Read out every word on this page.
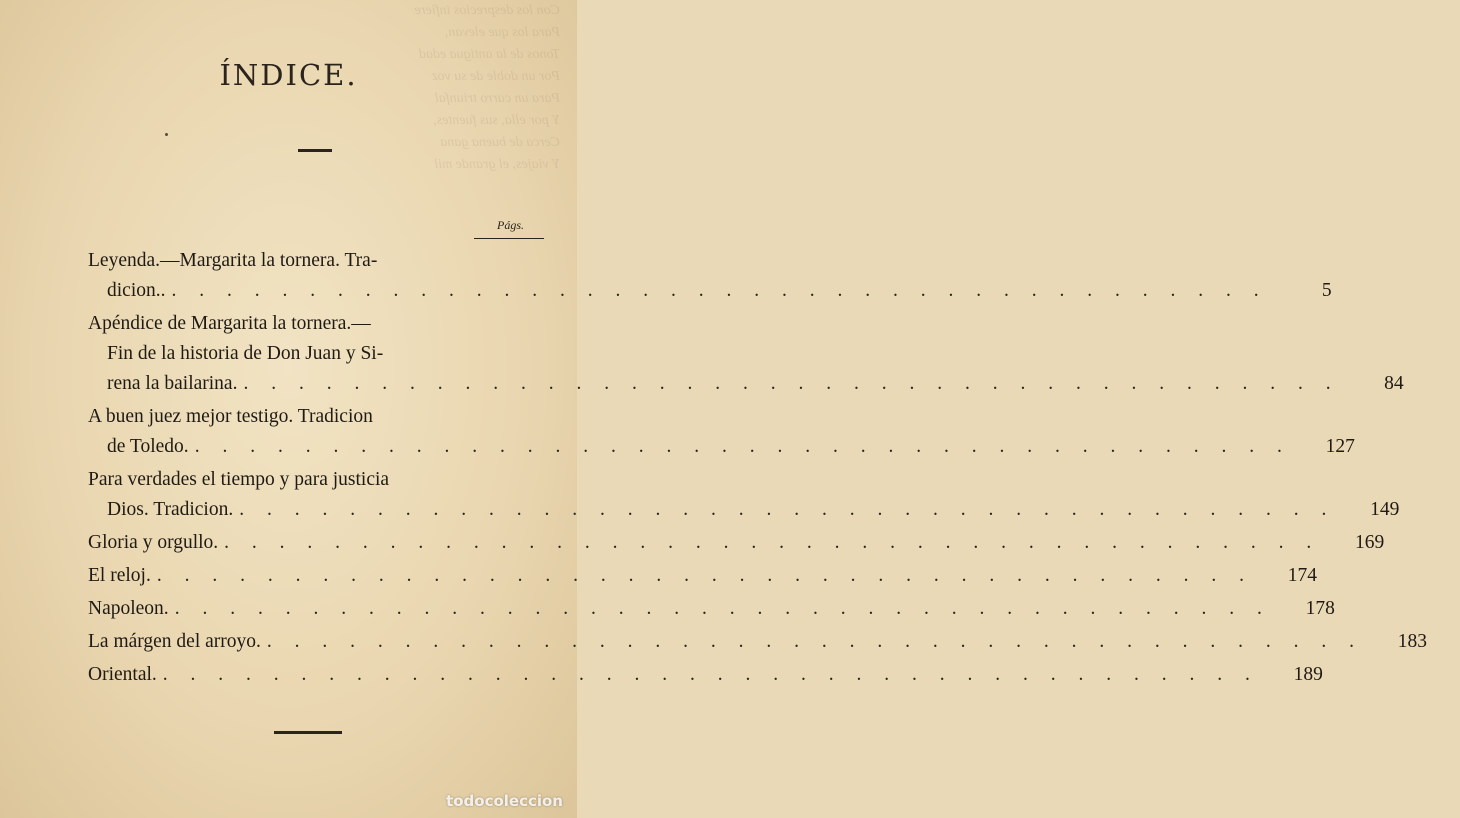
Con los desprecios infiere
Para los que elevan,
Tonos de la antigua edad
Por un doble de su voz
Para un carro triunfal
Y por ella, sus fuentes,
Cerca de buena gana
Y viajes, el grande mil
ÍNDICE.
Págs.
Leyenda.—Margarita la tornera. Tra-
dicion.. . . . . . . . . . . . . . . . . . . . . . . . . . . . . . . . . . . . . . . . .	5
Apéndice de Margarita la tornera.—
Fin de la historia de Don Juan y Si-
rena la bailarina. . . . . . . . . . . . . . . . . . . . . . . . . . . . . . . . . . . . . . . . .	84
A buen juez mejor testigo. Tradicion
de Toledo. . . . . . . . . . . . . . . . . . . . . . . . . . . . . . . . . . . . . . . . .	127
Para verdades el tiempo y para justicia
Dios. Tradicion. . . . . . . . . . . . . . . . . . . . . . . . . . . . . . . . . . . . . . . . .	149
Gloria y orgullo. . . . . . . . . . . . . . . . . . . . . . . . . . . . . . . . . . . . . . . . .	169
El reloj. . . . . . . . . . . . . . . . . . . . . . . . . . . . . . . . . . . . . . . . .	174
Napoleon. . . . . . . . . . . . . . . . . . . . . . . . . . . . . . . . . . . . . . . . .	178
La márgen del arroyo. . . . . . . . . . . . . . . . . . . . . . . . . . . . . . . . . . . . . . . . .	183
Oriental. . . . . . . . . . . . . . . . . . . . . . . . . . . . . . . . . . . . . . . . .	189
todocoleccion
